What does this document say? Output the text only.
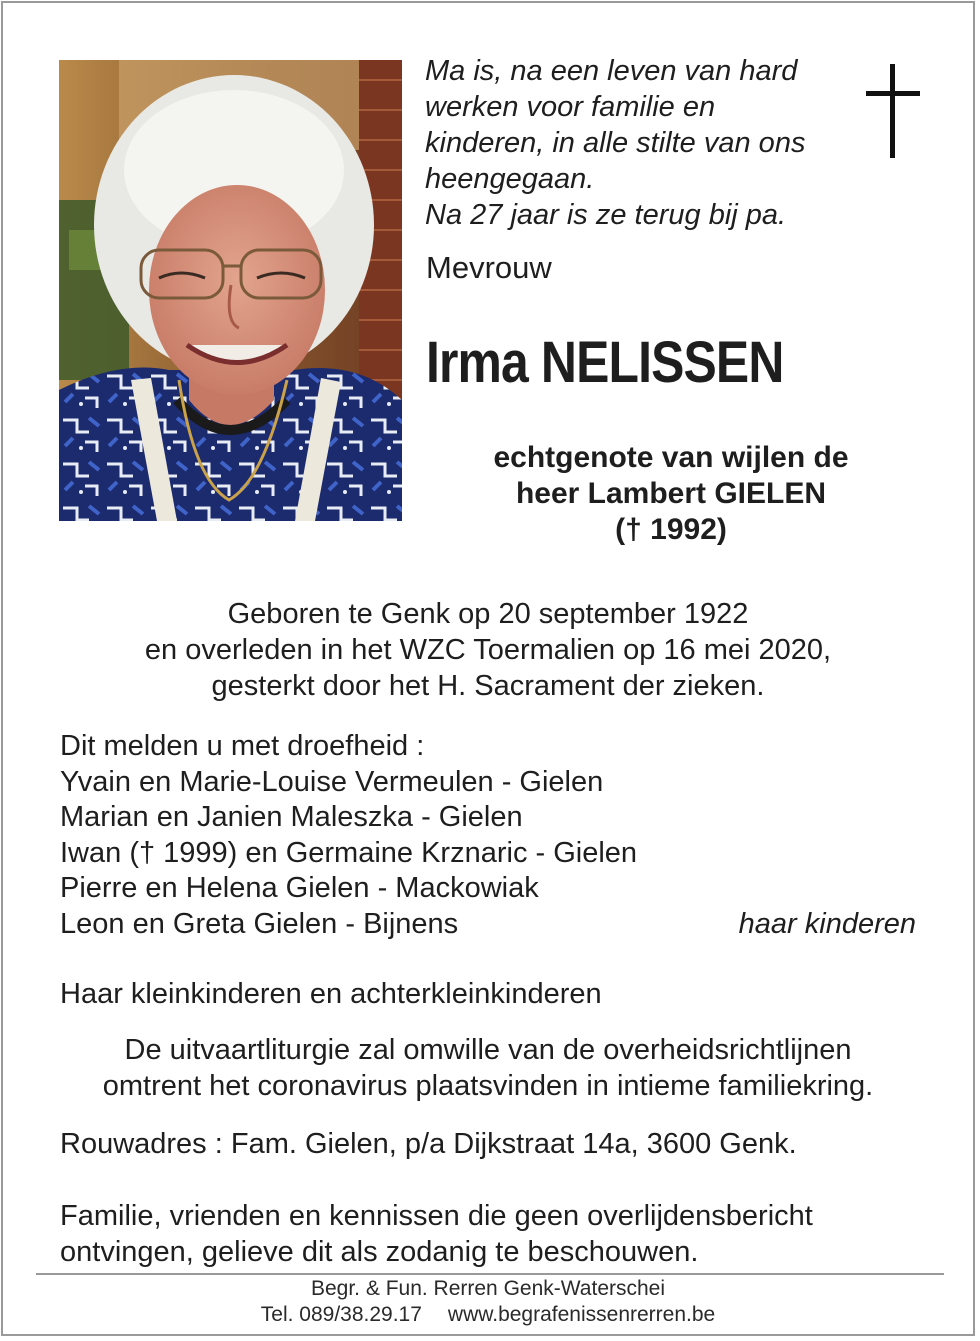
Ma is, na een leven van hard
werken voor familie en
kinderen, in alle stilte van ons
heengegaan.
Na 27 jaar is ze terug bij pa.
Mevrouw
Irma NELISSEN
echtgenote van wijlen de
heer Lambert GIELEN
(† 1992)
Geboren te Genk op 20 september 1922
en overleden in het WZC Toermalien op 16 mei 2020,
gesterkt door het H. Sacrament der zieken.
Dit melden u met droefheid :
Yvain en Marie-Louise Vermeulen - Gielen
Marian en Janien Maleszka - Gielen
Iwan († 1999) en Germaine Krznaric - Gielen
Pierre en Helena Gielen - Mackowiak
Leon en Greta Gielen - Bijnens	haar kinderen
Haar kleinkinderen en achterkleinkinderen
De uitvaartliturgie zal omwille van de overheidsrichtlijnen
omtrent het coronavirus plaatsvinden in intieme familiekring.
Rouwadres : Fam. Gielen, p/a Dijkstraat 14a, 3600 Genk.
Familie, vrienden en kennissen die geen overlijdensbericht
ontvingen, gelieve dit als zodanig te beschouwen.
Begr. & Fun. Rerren Genk-Waterschei
Tel. 089/38.29.17 www.begrafenissenrerren.be
